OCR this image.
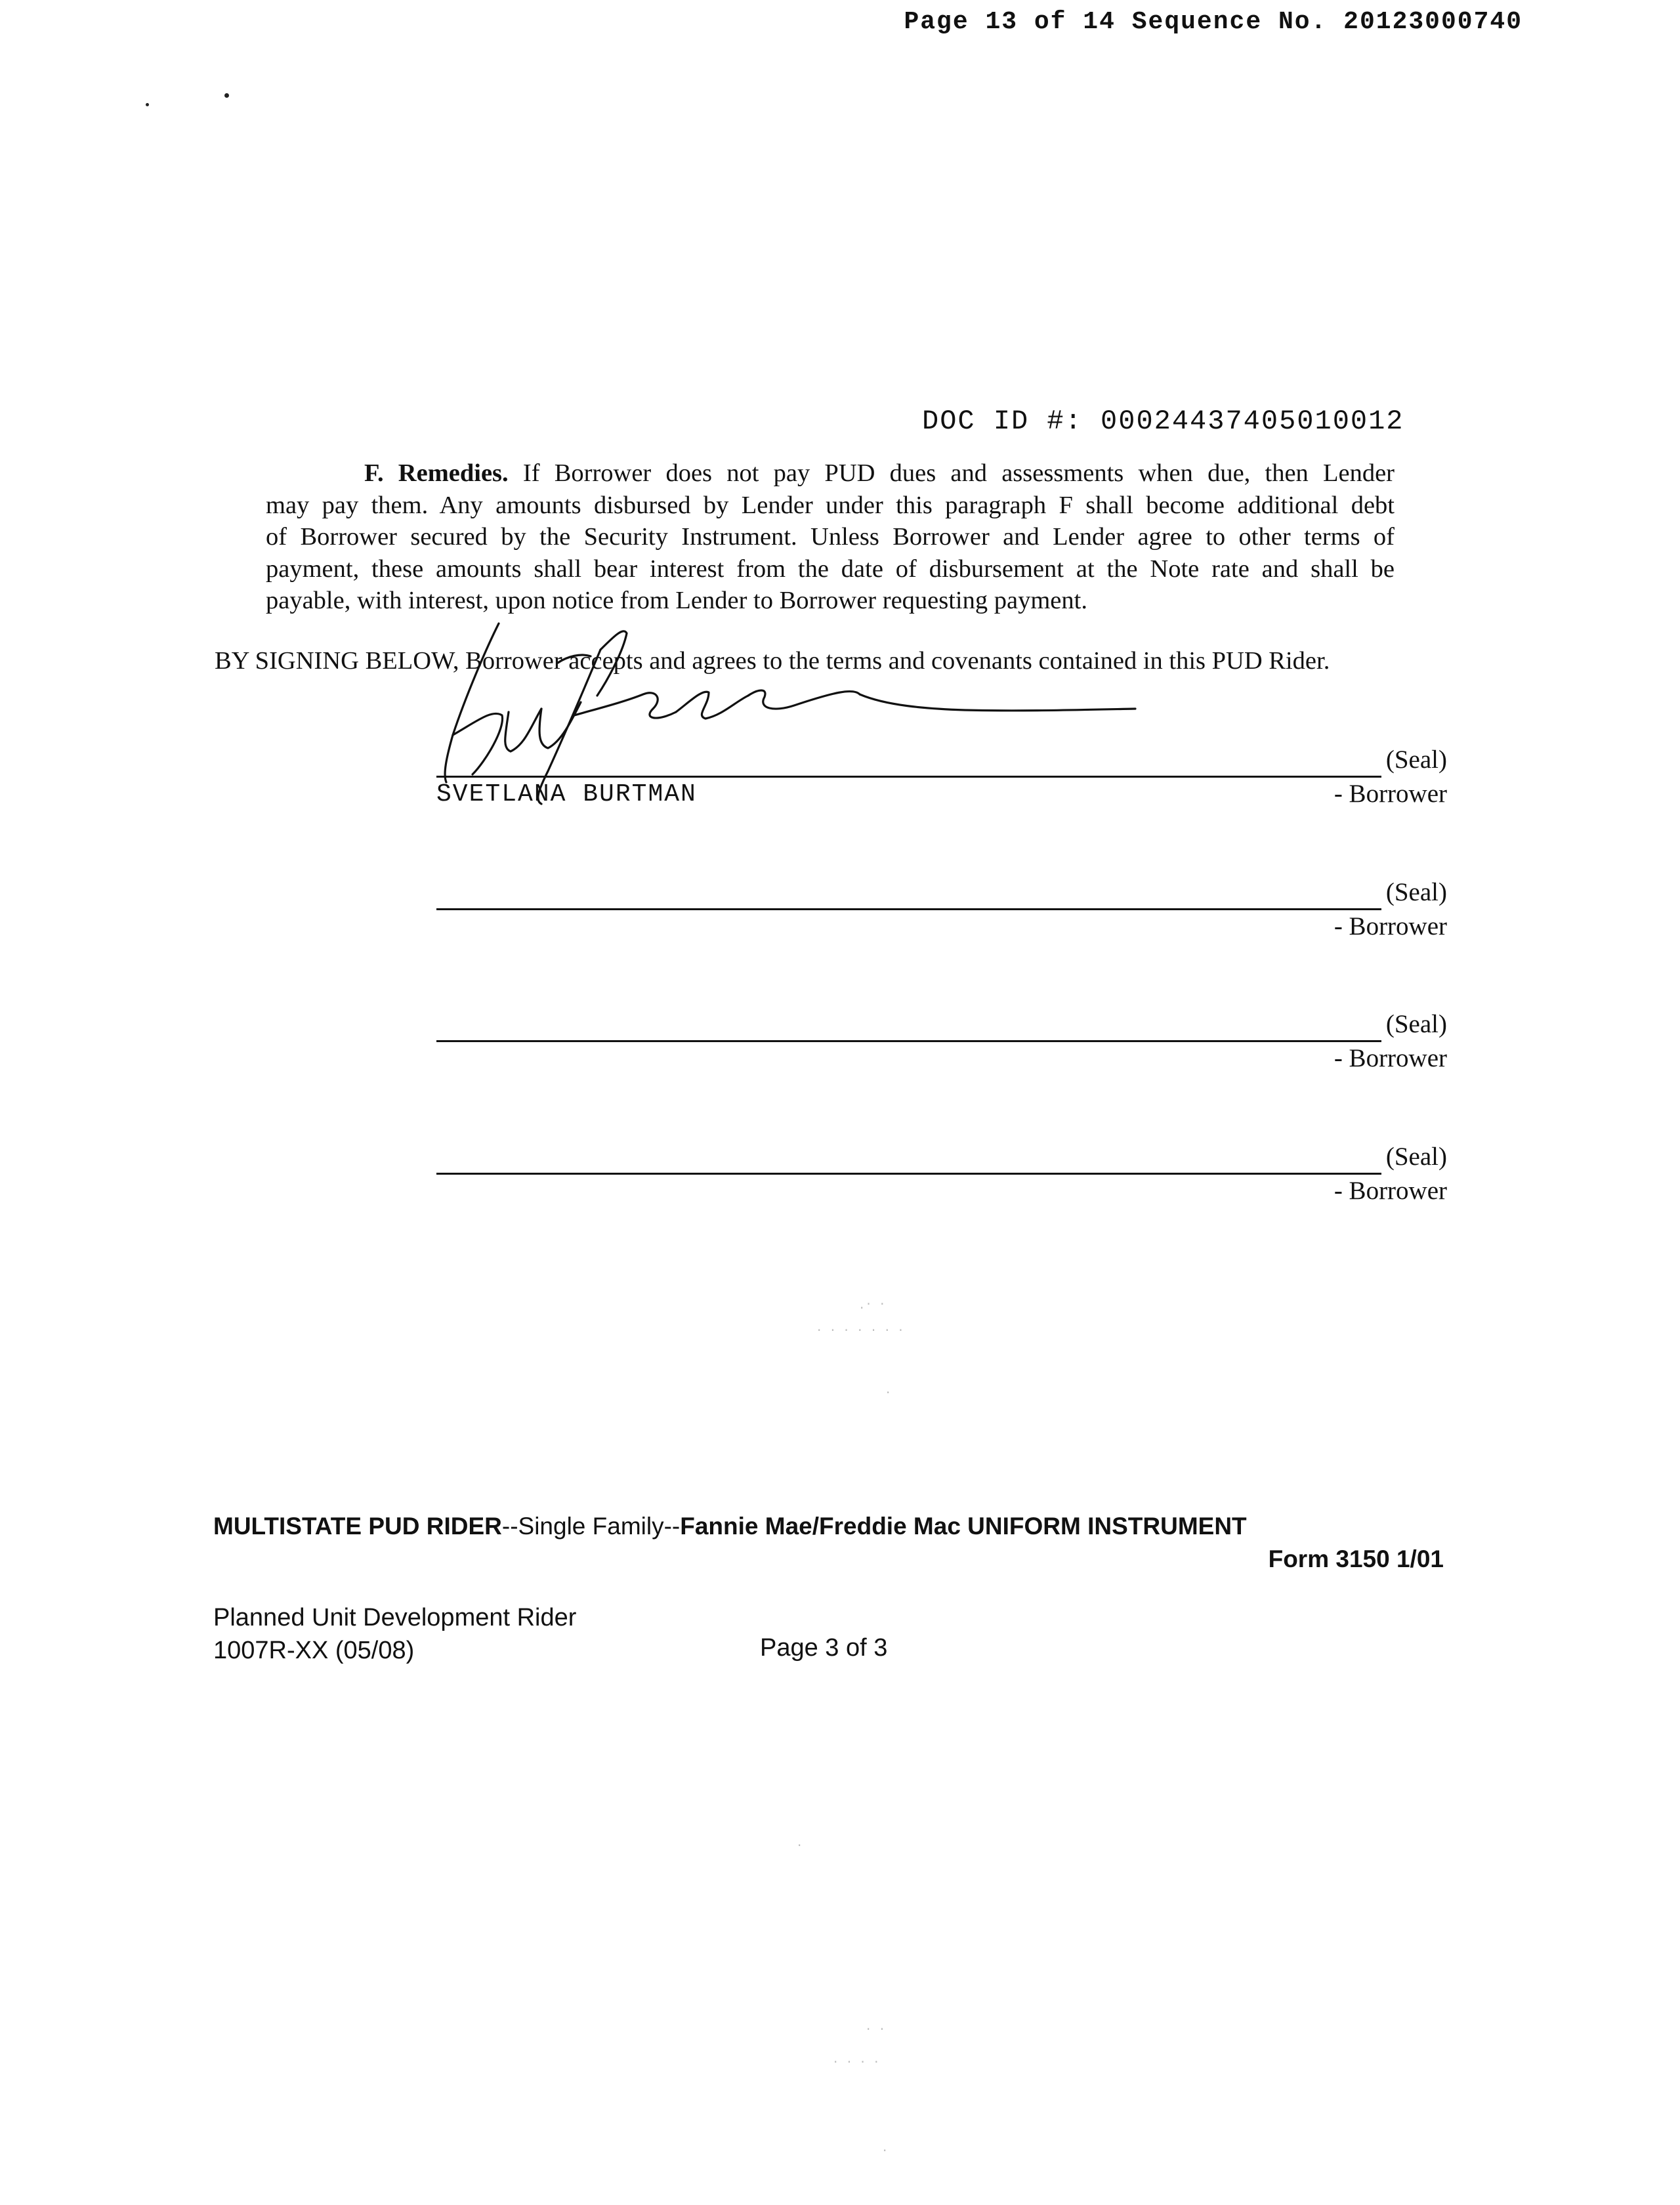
Page 13 of 14 Sequence No. 20123000740
DOC ID #: 00024437405010012
F. Remedies. If Borrower does not pay PUD dues and assessments when due, then Lender
may pay them. Any amounts disbursed by Lender under this paragraph F shall become additional debt
of Borrower secured by the Security Instrument. Unless Borrower and Lender agree to other terms of
payment, these amounts shall bear interest from the date of disbursement at the Note rate and shall be
payable, with interest, upon notice from Lender to Borrower requesting payment.
BY SIGNING BELOW, Borrower accepts and agrees to the terms and covenants contained in this PUD Rider.
(Seal)
- Borrower
SVETLANA BURTMAN
(Seal)
- Borrower
(Seal)
- Borrower
(Seal)
- Borrower
.· ·
· · · · · · ·
·
MULTISTATE PUD RIDER--Single Family--Fannie Mae/Freddie Mac UNIFORM INSTRUMENT
Form 3150 1/01
Planned Unit Development Rider
1007R-XX (05/08)	Page 3 of 3
·
· ·
· · · ·
·
